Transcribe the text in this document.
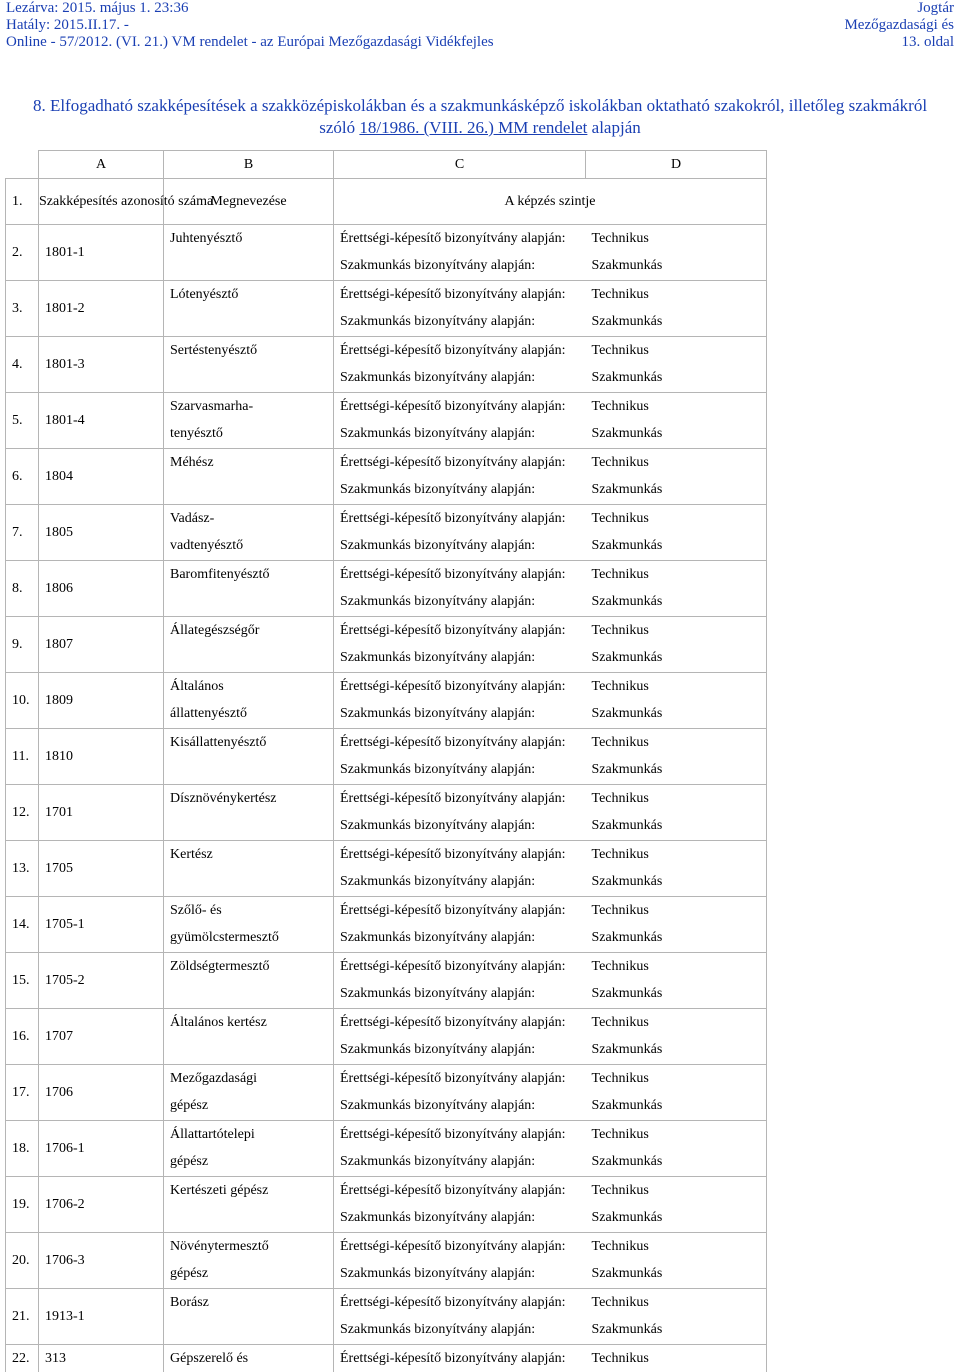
Lezárva: 2015. május 1. 23:36
Hatály: 2015.II.17. -
Online - 57/2012. (VI. 21.) VM rendelet - az Európai Mezőgazdasági Vidékfejles
Jogtár
Mezőgazdasági és
13. oldal
8. Elfogadható szakképesítések a szakközépiskolákban és a szakmunkásképző iskolákban oktatható szakokról, illetőleg szakmákról
szóló 18/1986. (VIII. 26.) MM rendelet alapján
	A	B	C	D
1.	Szakképesítés azonosító száma	Megnevezése	A képzés szintje	
2.	1801-1	Juhtenyésztő	Érettségi-képesítő bizonyítvány alapján:	Technikus
			Szakmunkás bizonyítvány alapján:	Szakmunkás
3.	1801-2	Lótenyésztő	Érettségi-képesítő bizonyítvány alapján:	Technikus
			Szakmunkás bizonyítvány alapján:	Szakmunkás
4.	1801-3	Sertéstenyésztő	Érettségi-képesítő bizonyítvány alapján:	Technikus
			Szakmunkás bizonyítvány alapján:	Szakmunkás
5.	1801-4	Szarvasmarha-	Érettségi-képesítő bizonyítvány alapján:	Technikus
		tenyésztő	Szakmunkás bizonyítvány alapján:	Szakmunkás
6.	1804	Méhész	Érettségi-képesítő bizonyítvány alapján:	Technikus
			Szakmunkás bizonyítvány alapján:	Szakmunkás
7.	1805	Vadász-	Érettségi-képesítő bizonyítvány alapján:	Technikus
		vadtenyésztő	Szakmunkás bizonyítvány alapján:	Szakmunkás
8.	1806	Baromfitenyésztő	Érettségi-képesítő bizonyítvány alapján:	Technikus
			Szakmunkás bizonyítvány alapján:	Szakmunkás
9.	1807	Állategészségőr	Érettségi-képesítő bizonyítvány alapján:	Technikus
			Szakmunkás bizonyítvány alapján:	Szakmunkás
10.	1809	Általános	Érettségi-képesítő bizonyítvány alapján:	Technikus
		állattenyésztő	Szakmunkás bizonyítvány alapján:	Szakmunkás
11.	1810	Kisállattenyésztő	Érettségi-képesítő bizonyítvány alapján:	Technikus
			Szakmunkás bizonyítvány alapján:	Szakmunkás
12.	1701	Dísznövénykertész	Érettségi-képesítő bizonyítvány alapján:	Technikus
			Szakmunkás bizonyítvány alapján:	Szakmunkás
13.	1705	Kertész	Érettségi-képesítő bizonyítvány alapján:	Technikus
			Szakmunkás bizonyítvány alapján:	Szakmunkás
14.	1705-1	Szőlő- és	Érettségi-képesítő bizonyítvány alapján:	Technikus
		gyümölcstermesztő	Szakmunkás bizonyítvány alapján:	Szakmunkás
15.	1705-2	Zöldségtermesztő	Érettségi-képesítő bizonyítvány alapján:	Technikus
			Szakmunkás bizonyítvány alapján:	Szakmunkás
16.	1707	Általános kertész	Érettségi-képesítő bizonyítvány alapján:	Technikus
			Szakmunkás bizonyítvány alapján:	Szakmunkás
17.	1706	Mezőgazdasági	Érettségi-képesítő bizonyítvány alapján:	Technikus
		gépész	Szakmunkás bizonyítvány alapján:	Szakmunkás
18.	1706-1	Állattartótelepi	Érettségi-képesítő bizonyítvány alapján:	Technikus
		gépész	Szakmunkás bizonyítvány alapján:	Szakmunkás
19.	1706-2	Kertészeti gépész	Érettségi-képesítő bizonyítvány alapján:	Technikus
			Szakmunkás bizonyítvány alapján:	Szakmunkás
20.	1706-3	Növénytermesztő	Érettségi-képesítő bizonyítvány alapján:	Technikus
		gépész	Szakmunkás bizonyítvány alapján:	Szakmunkás
21.	1913-1	Borász	Érettségi-képesítő bizonyítvány alapján:	Technikus
			Szakmunkás bizonyítvány alapján:	Szakmunkás
22.	313	Gépszerelő és	Érettségi-képesítő bizonyítvány alapján:	Technikus
